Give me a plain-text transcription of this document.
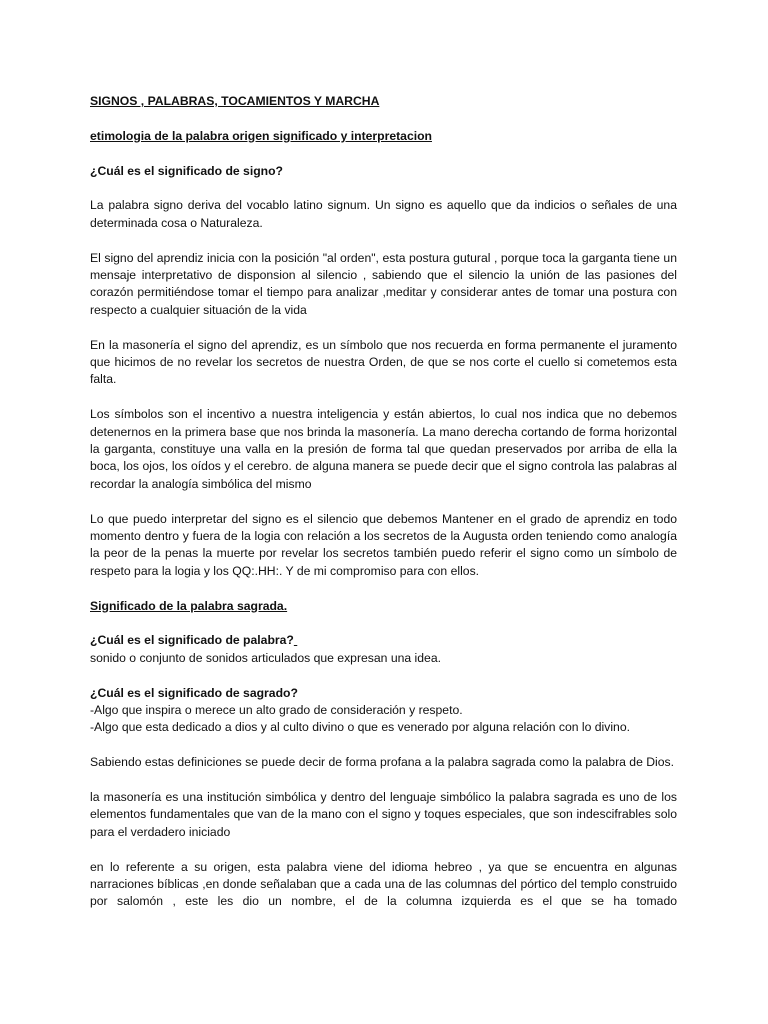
SIGNOS , PALABRAS, TOCAMIENTOS Y MARCHA

etimologia de la palabra origen significado y interpretacion

¿Cuál es el significado de signo?

La palabra signo deriva del vocablo latino signum. Un signo es aquello que da indicios o señales de una determinada cosa o Naturaleza.

El signo del aprendiz inicia con la posición "al orden", esta postura gutural , porque toca la garganta tiene un mensaje interpretativo de disponsion al silencio , sabiendo que el silencio la unión de las pasiones del corazón permitiéndose tomar el tiempo para analizar ,meditar y considerar antes de tomar una postura con respecto a cualquier situación de la vida

En la masonería el signo del aprendiz, es un símbolo que nos recuerda en forma permanente el juramento que hicimos de no revelar los secretos de nuestra Orden, de que se nos corte el cuello si cometemos esta falta.

Los símbolos son el incentivo a nuestra inteligencia y están abiertos, lo cual nos indica que no debemos detenernos en la primera base que nos brinda la masonería. La mano derecha cortando de forma horizontal la garganta, constituye una valla en la presión de forma tal que quedan preservados por arriba de ella la boca, los ojos, los oídos y el cerebro. de alguna manera se puede decir que el signo controla las palabras al recordar la analogía simbólica del mismo

Lo que puedo interpretar del signo es el silencio que debemos Mantener en el grado de aprendiz en todo momento dentro y fuera de la logia con relación a los secretos de la Augusta orden teniendo como analogía la peor de la penas la muerte por revelar los secretos también puedo referir el signo como un símbolo de respeto para la logia y los QQ:.HH:. Y de mi compromiso para con ellos.

Significado de la palabra sagrada.

¿Cuál es el significado de palabra?

sonido o conjunto de sonidos articulados que expresan una idea.

¿Cuál es el significado de sagrado?

-Algo que inspira o merece un alto grado de consideración y respeto.

-Algo que esta dedicado a dios y al culto divino o que es venerado por alguna relación con lo divino.

Sabiendo estas definiciones se puede decir de forma profana a la palabra sagrada como la palabra de Dios.

la masonería es una institución simbólica y dentro del lenguaje simbólico la palabra sagrada es uno de los elementos fundamentales que van de la mano con el signo y toques especiales, que son indescifrables solo para el verdadero iniciado

en lo referente a su origen, esta palabra viene del idioma hebreo , ya que se encuentra en algunas narraciones bíblicas ,en donde señalaban que a cada una de las columnas del pórtico del templo construido por salomón , este les dio un nombre, el de la columna izquierda es el que se ha tomado
